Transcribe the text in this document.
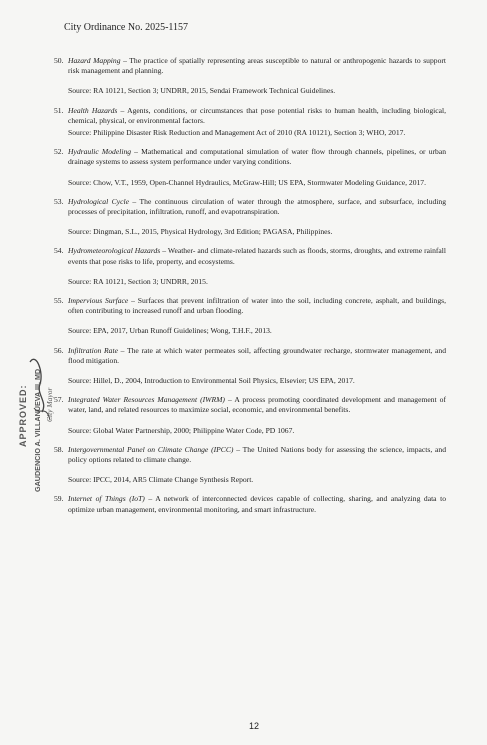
City Ordinance No. 2025-1157
50. Hazard Mapping – The practice of spatially representing areas susceptible to natural or anthropogenic hazards to support risk management and planning.
Source: RA 10121, Section 3; UNDRR, 2015, Sendai Framework Technical Guidelines.
51. Health Hazards – Agents, conditions, or circumstances that pose potential risks to human health, including biological, chemical, physical, or environmental factors.
Source: Philippine Disaster Risk Reduction and Management Act of 2010 (RA 10121), Section 3; WHO, 2017.
52. Hydraulic Modeling – Mathematical and computational simulation of water flow through channels, pipelines, or urban drainage systems to assess system performance under varying conditions.
Source: Chow, V.T., 1959, Open-Channel Hydraulics, McGraw-Hill; US EPA, Stormwater Modeling Guidance, 2017.
53. Hydrological Cycle – The continuous circulation of water through the atmosphere, surface, and subsurface, including processes of precipitation, infiltration, runoff, and evapotranspiration.
Source: Dingman, S.L., 2015, Physical Hydrology, 3rd Edition; PAGASA, Philippines.
54. Hydrometeorological Hazards – Weather- and climate-related hazards such as floods, storms, droughts, and extreme rainfall events that pose risks to life, property, and ecosystems.
Source: RA 10121, Section 3; UNDRR, 2015.
55. Impervious Surface – Surfaces that prevent infiltration of water into the soil, including concrete, asphalt, and buildings, often contributing to increased runoff and urban flooding.
Source: EPA, 2017, Urban Runoff Guidelines; Wong, T.H.F., 2013.
56. Infiltration Rate – The rate at which water permeates soil, affecting groundwater recharge, stormwater management, and flood mitigation.
Source: Hillel, D., 2004, Introduction to Environmental Soil Physics, Elsevier; US EPA, 2017.
57. Integrated Water Resources Management (IWRM) – A process promoting coordinated development and management of water, land, and related resources to maximize social, economic, and environmental benefits.
Source: Global Water Partnership, 2000; Philippine Water Code, PD 1067.
58. Intergovernmental Panel on Climate Change (IPCC) – The United Nations body for assessing the science, impacts, and policy options related to climate change.
Source: IPCC, 2014, AR5 Climate Change Synthesis Report.
59. Internet of Things (IoT) – A network of interconnected devices capable of collecting, sharing, and analyzing data to optimize urban management, environmental monitoring, and smart infrastructure.
APPROVED: GAUDENCIO A. VILLANUEVA III, MD City Mayor
12
